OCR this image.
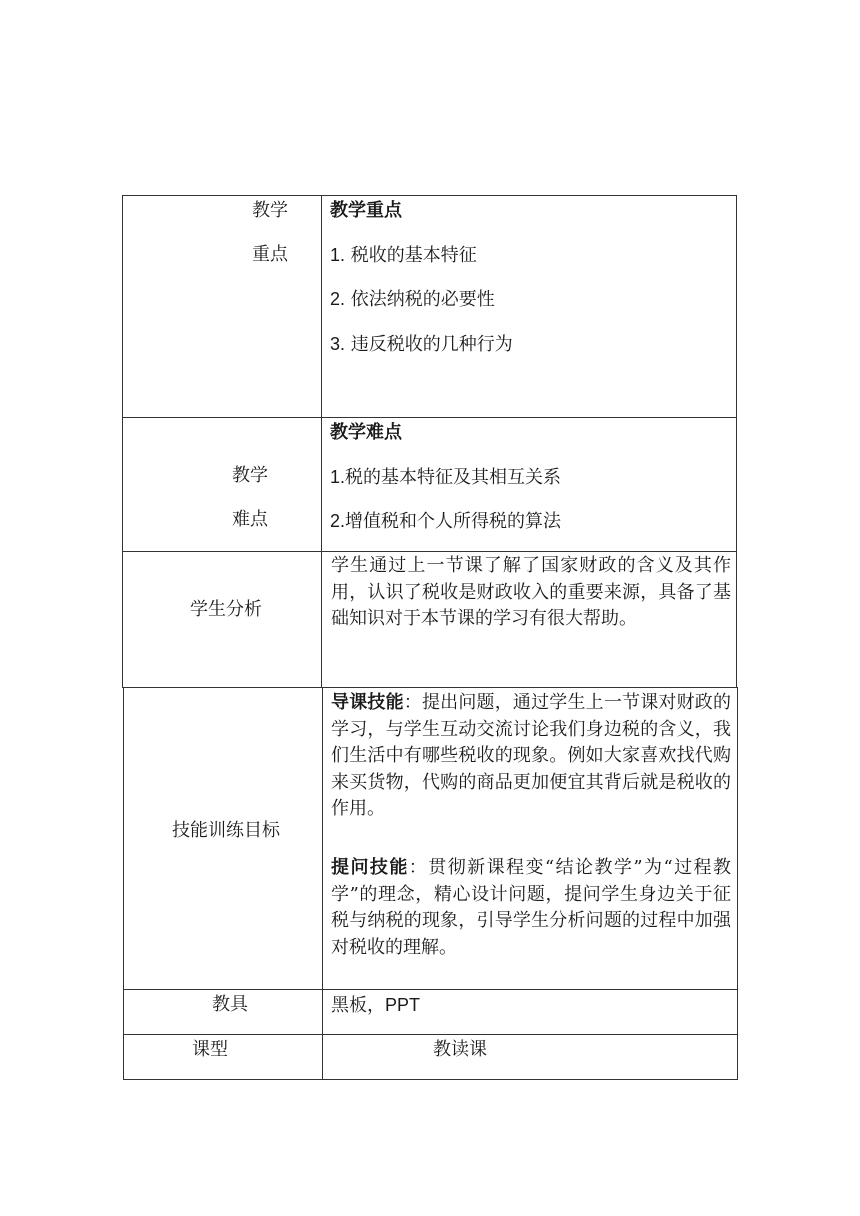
教学
重点
教学重点
1. 税收的基本特征
2. 依法纳税的必要性
3. 违反税收的几种行为
教学
难点
教学难点
1.税的基本特征及其相互关系
2.增值税和个人所得税的算法
学生分析
学生通过上一节课了解了国家财政的含义及其作用，认识了税收是财政收入的重要来源，具备了基础知识对于本节课的学习有很大帮助。
技能训练目标
导课技能：提出问题，通过学生上一节课对财政的学习，与学生互动交流讨论我们身边税的含义，我们生活中有哪些税收的现象。例如大家喜欢找代购来买货物，代购的商品更加便宜其背后就是税收的作用。
提问技能：贯彻新课程变“结论教学”为“过程教学”的理念，精心设计问题，提问学生身边关于征税与纳税的现象，引导学生分析问题的过程中加强对税收的理解。
教具	黑板，PPT
课型	教读课
